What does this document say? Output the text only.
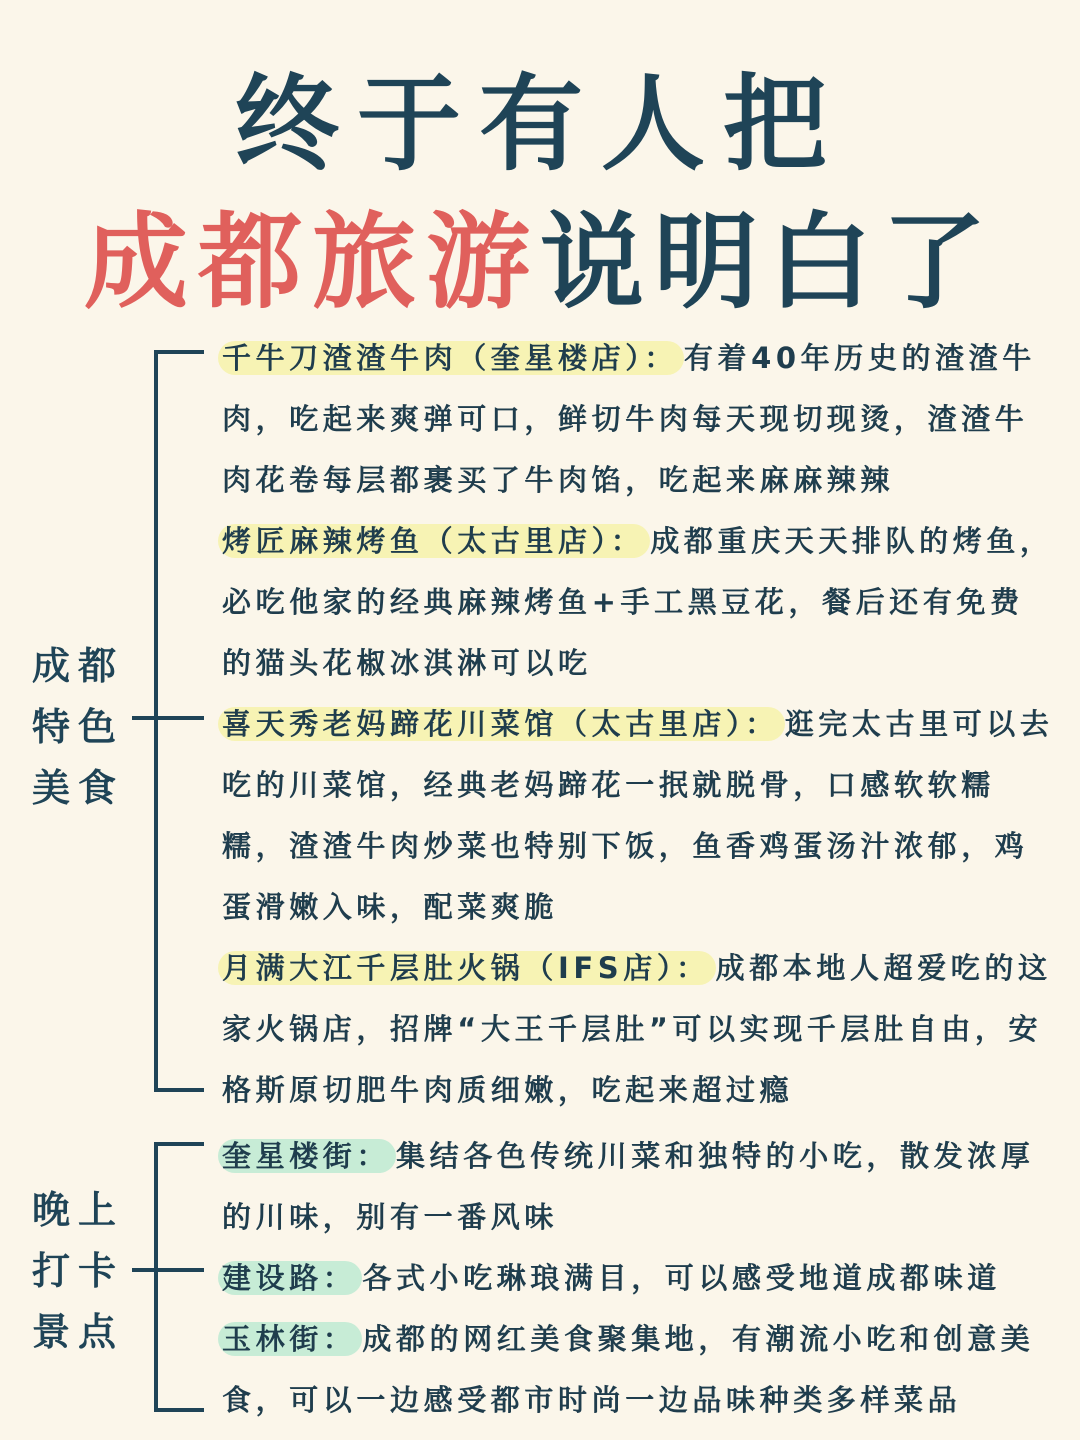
终于有人把
成都旅游说明白了
成都
特色
美食
千牛刀渣渣牛肉（奎星楼店）： 有着40年历史的渣渣牛肉，吃起来爽弹可口，鲜切牛肉每天现切现烫，渣渣牛肉花卷每层都裹买了牛肉馅，吃起来麻麻辣辣
烤匠麻辣烤鱼（太古里店）： 成都重庆天天排队的烤鱼，必吃他家的经典麻辣烤鱼+手工黑豆花，餐后还有免费的猫头花椒冰淇淋可以吃
喜天秀老妈蹄花川菜馆（太古里店）： 逛完太古里可以去吃的川菜馆，经典老妈蹄花一抿就脱骨，口感软软糯糯，渣渣牛肉炒菜也特别下饭，鱼香鸡蛋汤汁浓郁，鸡蛋滑嫩入味，配菜爽脆
月满大江千层肚火锅（IFS店）： 成都本地人超爱吃的这家火锅店，招牌“大王千层肚”可以实现千层肚自由，安格斯原切肥牛肉质细嫩，吃起来超过瘾
晚上
打卡
景点
奎星楼街： 集结各色传统川菜和独特的小吃，散发浓厚的川味，别有一番风味
建设路： 各式小吃琳琅满目，可以感受地道成都味道
玉林街： 成都的网红美食聚集地，有潮流小吃和创意美食，可以一边感受都市时尚一边品味种类多样菜品
